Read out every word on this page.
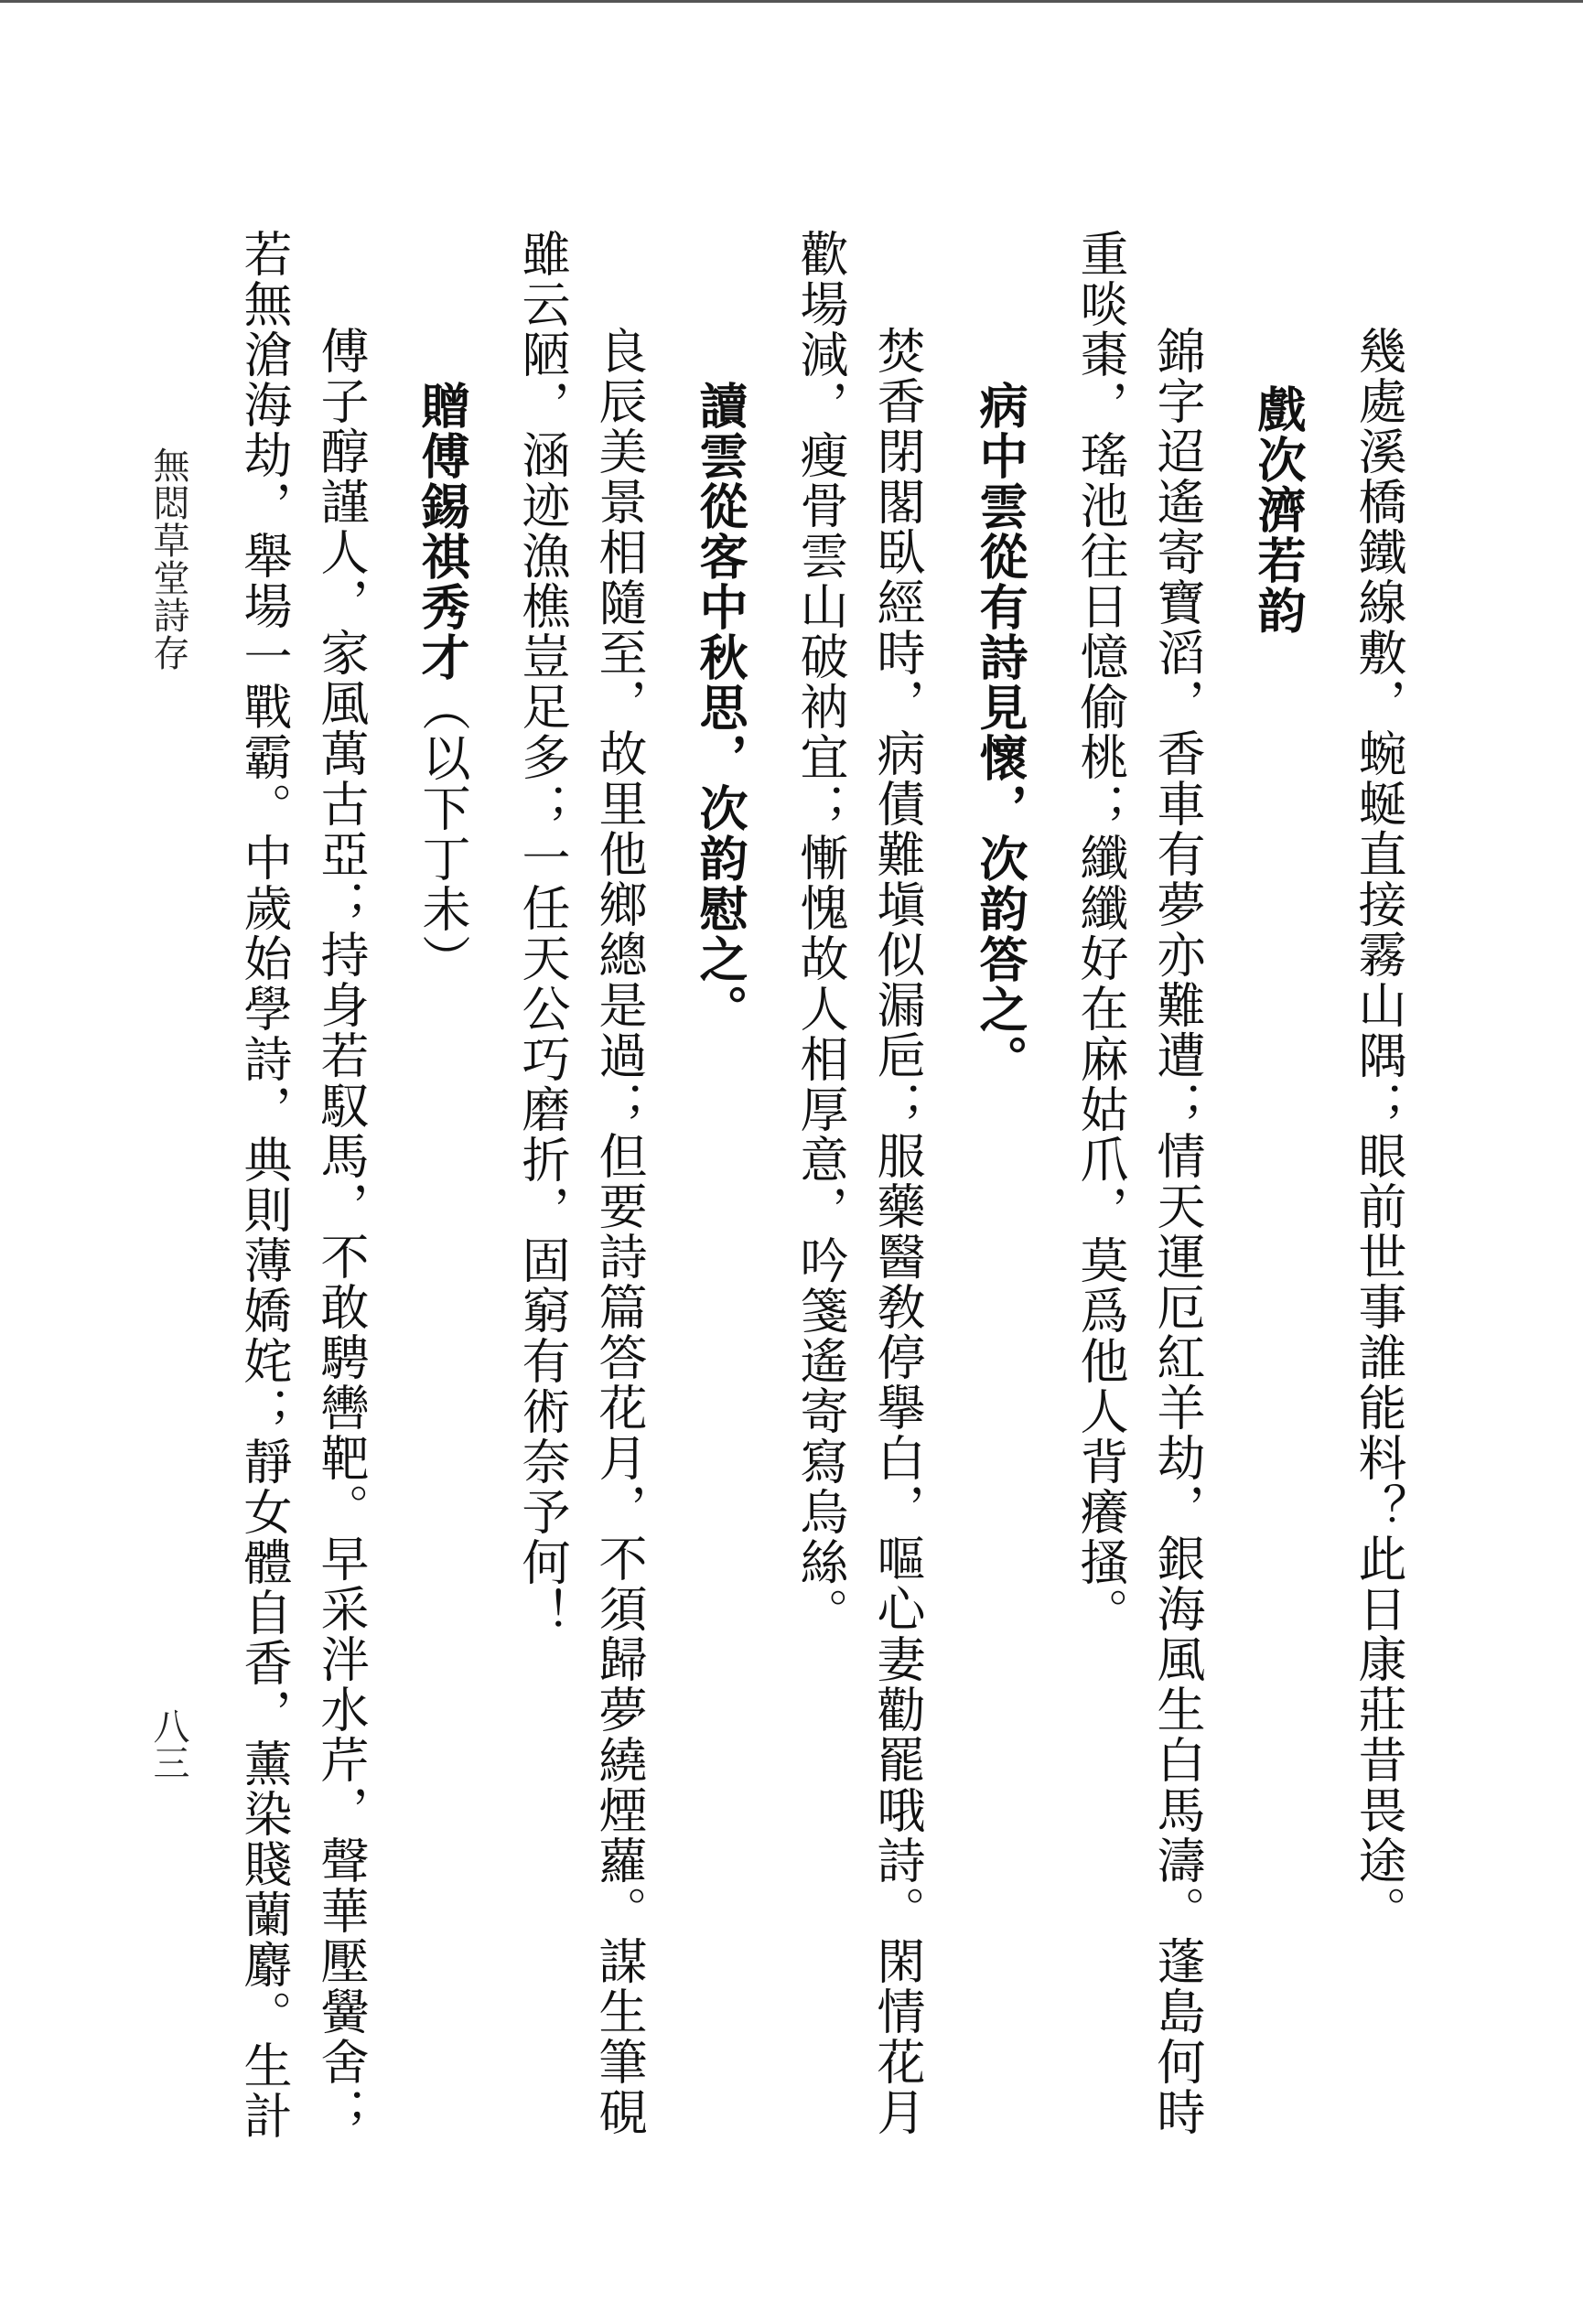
幾處溪橋鐵線敷，蜿蜒直接霧山隅；眼前世事誰能料？此日康莊昔畏途。
戲次濟若韵
錦字迢遙寄寶滔，香車有夢亦難遭；情天運厄紅羊劫，銀海風生白馬濤。蓬島何時
重啖棗，瑤池往日憶偷桃；纖纖好在麻姑爪，莫爲他人背癢搔。
病中雲從有詩見懷，次韵答之。
焚香閉閣臥經時，病債難塡似漏巵；服藥醫敎停擧白，嘔心妻勸罷哦詩。閑情花月
歡場減，瘦骨雲山破衲宜；慚愧故人相厚意，吟箋遙寄寫烏絲。
讀雲從客中秋思，次韵慰之。
良辰美景相隨至，故里他鄉總是過；但要詩篇答花月，不須歸夢繞煙蘿。謀生筆硯
雖云陋，涵迹漁樵豈足多；一任天公巧磨折，固窮有術奈予何！
贈傅錫祺秀才（以下丁未）
傅子醇謹人，家風萬古亞；持身若馭馬，不敢騁轡靶。早采泮水芹，聲華壓黌舍；
若無滄海劫，舉場一戰霸。中歲始學詩，典則薄嬌姹；靜女體自香，薰染賤蘭麝。生計
無悶草堂詩存
八三
